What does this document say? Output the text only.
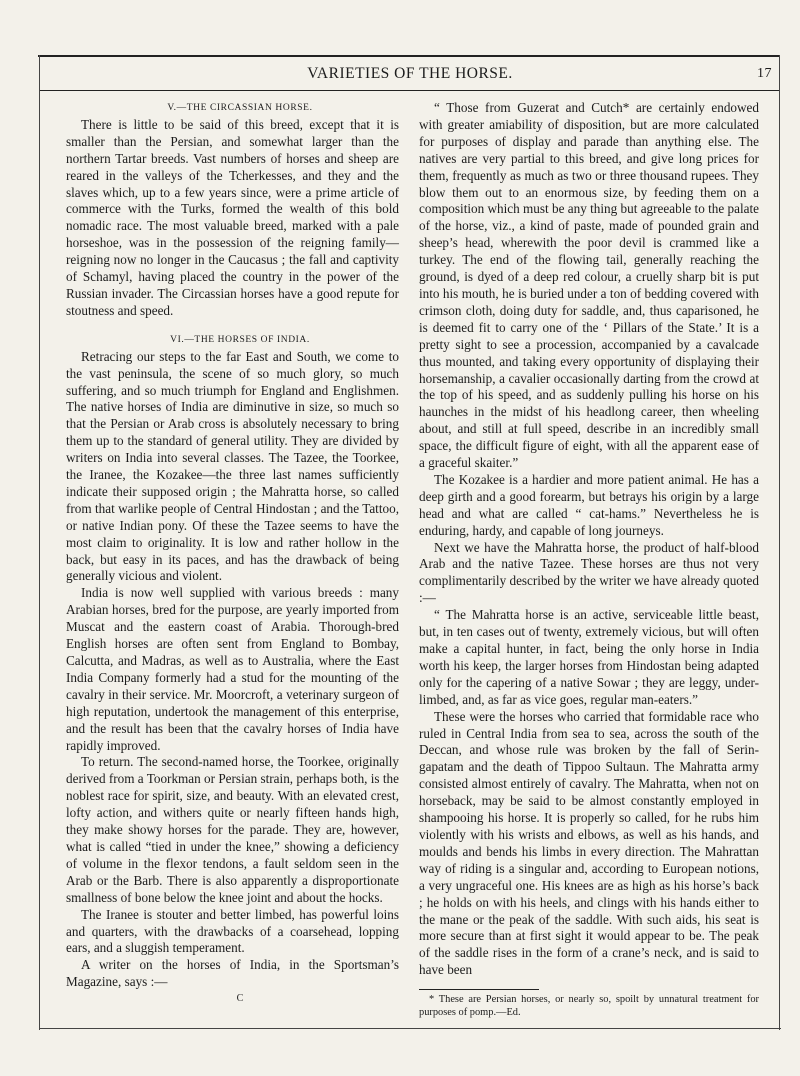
VARIETIES OF THE HORSE.	17

V.—THE CIRCASSIAN HORSE.

There is little to be said of this breed, except that it is smaller than the Persian, and somewhat larger than the northern Tartar breeds. Vast numbers of horses and sheep are reared in the valleys of the Tcherkesses, and they and the slaves which, up to a few years since, were a prime article of commerce with the Turks, formed the wealth of this bold nomadic race. The most valuable breed, marked with a pale horseshoe, was in the possession of the reigning family—reigning now no longer in the Caucasus ; the fall and captivity of Schamyl, having placed the country in the power of the Russian invader. The Circassian horses have a good repute for stoutness and speed.

VI.—THE HORSES OF INDIA.

Retracing our steps to the far East and South, we come to the vast peninsula, the scene of so much glory, so much suffering, and so much triumph for England and Englishmen. The native horses of India are diminutive in size, so much so that the Persian or Arab cross is absolutely necessary to bring them up to the standard of general utility. They are divided by writers on India into several classes. The Tazee, the Toorkee, the Iranee, the Kozakee—the three last names sufficiently indicate their supposed origin ; the Mahratta horse, so called from that warlike people of Central Hindostan ; and the Tattoo, or native Indian pony. Of these the Tazee seems to have the most claim to originality. It is low and rather hollow in the back, but easy in its paces, and has the drawback of being generally vicious and violent.

India is now well supplied with various breeds : many Arabian horses, bred for the purpose, are yearly imported from Muscat and the eastern coast of Arabia. Thorough-bred English horses are often sent from England to Bombay, Calcutta, and Madras, as well as to Australia, where the East India Company formerly had a stud for the mounting of the cavalry in their service. Mr. Moorcroft, a veterinary surgeon of high reputation, undertook the management of this enterprise, and the result has been that the cavalry horses of India have rapidly improved.

To return. The second-named horse, the Toorkee, originally derived from a Toorkman or Persian strain, perhaps both, is the noblest race for spirit, size, and beauty. With an elevated crest, lofty action, and withers quite or nearly fifteen hands high, they make showy horses for the parade. They are, however, what is called “tied in under the knee,” showing a deficiency of volume in the flexor tendons, a fault seldom seen in the Arab or the Barb. There is also apparently a disproportionate smallness of bone below the knee joint and about the hocks.

The Iranee is stouter and better limbed, has powerful loins and quarters, with the drawbacks of a coarsehead, lopping ears, and a sluggish temperament.

A writer on the horses of India, in the Sportsman’s Magazine, says :—

C

“ Those from Guzerat and Cutch* are certainly endowed with greater amiability of disposition, but are more calculated for purposes of display and parade than anything else. The natives are very partial to this breed, and give long prices for them, frequently as much as two or three thousand rupees. They blow them out to an enormous size, by feeding them on a composition which must be any thing but agreeable to the palate of the horse, viz., a kind of paste, made of pounded grain and sheep’s head, wherewith the poor devil is crammed like a turkey. The end of the flowing tail, generally reaching the ground, is dyed of a deep red colour, a cruelly sharp bit is put into his mouth, he is buried under a ton of bedding covered with crimson cloth, doing duty for saddle, and, thus caparisoned, he is deemed fit to carry one of the ‘ Pillars of the State.’ It is a pretty sight to see a procession, accompanied by a cavalcade thus mounted, and taking every opportunity of displaying their horsemanship, a cavalier occasionally darting from the crowd at the top of his speed, and as suddenly pulling his horse on his haunches in the midst of his headlong career, then wheeling about, and still at full speed, describe in an incredibly small space, the difficult figure of eight, with all the apparent ease of a graceful skaiter.”

The Kozakee is a hardier and more patient animal. He has a deep girth and a good forearm, but betrays his origin by a large head and what are called “ cat-hams.” Nevertheless he is enduring, hardy, and capable of long journeys.

Next we have the Mahratta horse, the product of half-blood Arab and the native Tazee. These horses are thus not very complimentarily described by the writer we have already quoted :—

“ The Mahratta horse is an active, serviceable little beast, but, in ten cases out of twenty, extremely vicious, but will often make a capital hunter, in fact, being the only horse in India worth his keep, the larger horses from Hindostan being adapted only for the capering of a native Sowar ; they are leggy, under-limbed, and, as far as vice goes, regular man-eaters.”

These were the horses who carried that formidable race who ruled in Central India from sea to sea, across the south of the Deccan, and whose rule was broken by the fall of Serin-gapatam and the death of Tippoo Sultaun. The Mahratta army consisted almost entirely of cavalry. The Mahratta, when not on horseback, may be said to be almost constantly employed in shampooing his horse. It is properly so called, for he rubs him violently with his wrists and elbows, as well as his hands, and moulds and bends his limbs in every direction. The Mahrattan way of riding is a singular and, according to European notions, a very ungraceful one. His knees are as high as his horse’s back ; he holds on with his heels, and clings with his hands either to the mane or the peak of the saddle. With such aids, his seat is more secure than at first sight it would appear to be. The peak of the saddle rises in the form of a crane’s neck, and is said to have been

* These are Persian horses, or nearly so, spoilt by unnatural treatment for purposes of pomp.—Ed.
